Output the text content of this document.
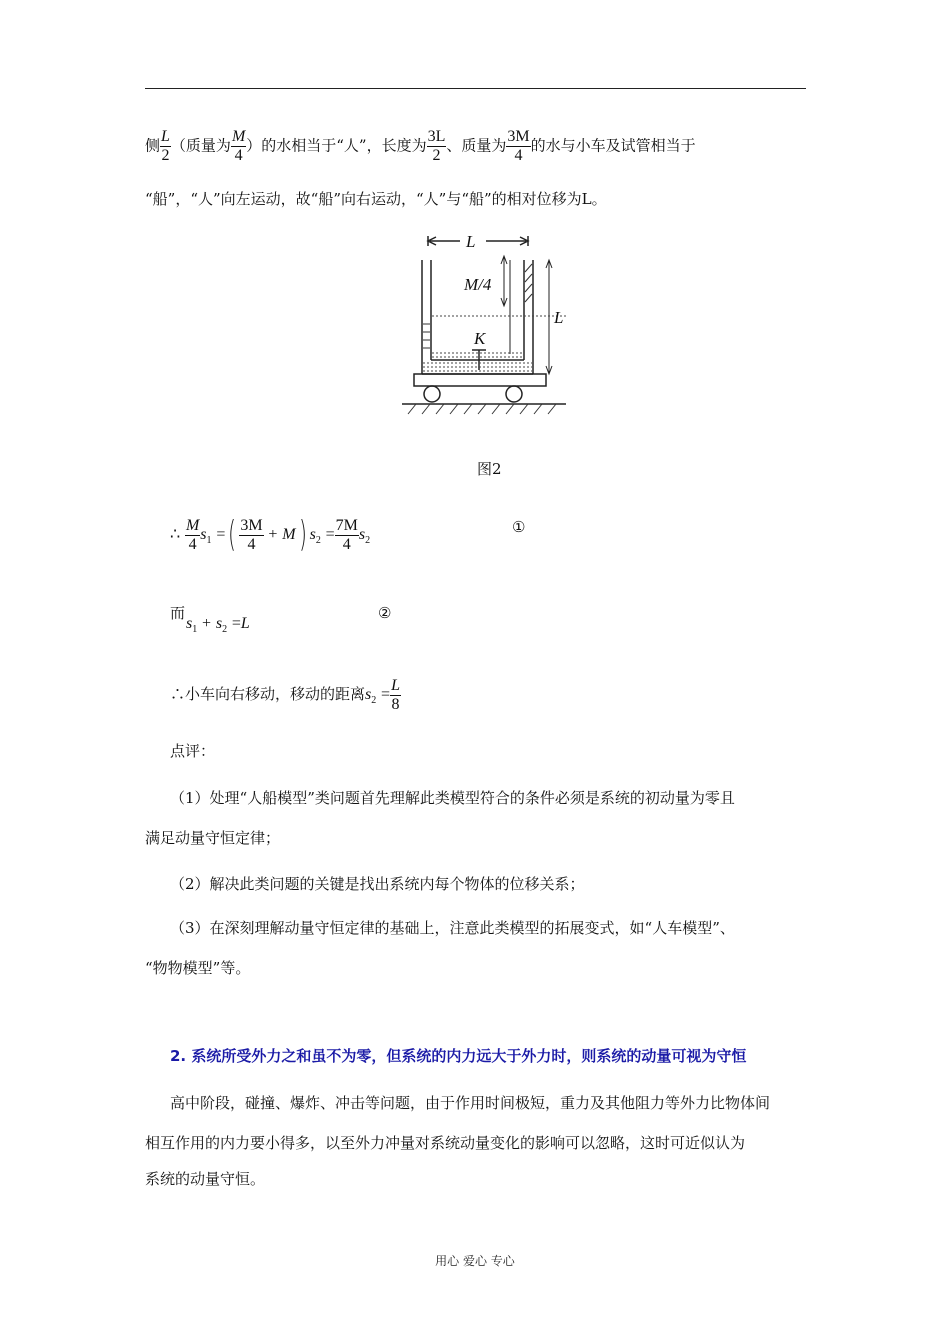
侧 $\frac{L}{2}$ （质量为 $\frac{M}{4}$ ）的水相当于“人”，长度为 $\frac{3L}{2}$ 、质量为 $\frac{3M}{4}$ 的水与小车及试管相当于
“船”，“人”向左运动，故“船”向右运动，“人”与“船”的相对位移为L。
L
L
M/4
K
图2
∴ $\frac{M}{4} s_1$ =( $\frac{3M}{4} + M$) $s_2 = \frac{7M}{4} s_2$
①
而
$s_1 + s_2 =L$
②
∴小车向右移动，移动的距离$s_2 = \frac{L}{8}$
点评：
（1）处理“人船模型”类问题首先理解此类模型符合的条件必须是系统的初动量为零且
满足动量守恒定律；
（2）解决此类问题的关键是找出系统内每个物体的位移关系；
（3）在深刻理解动量守恒定律的基础上，注意此类模型的拓展变式，如“人车模型”、
“物物模型”等。
2. 系统所受外力之和虽不为零，但系统的内力远大于外力时，则系统的动量可视为守恒
高中阶段，碰撞、爆炸、冲击等问题，由于作用时间极短，重力及其他阻力等外力比物体间
相互作用的内力要小得多，以至外力冲量对系统动量变化的影响可以忽略，这时可近似认为
系统的动量守恒。
用心 爱心 专心
